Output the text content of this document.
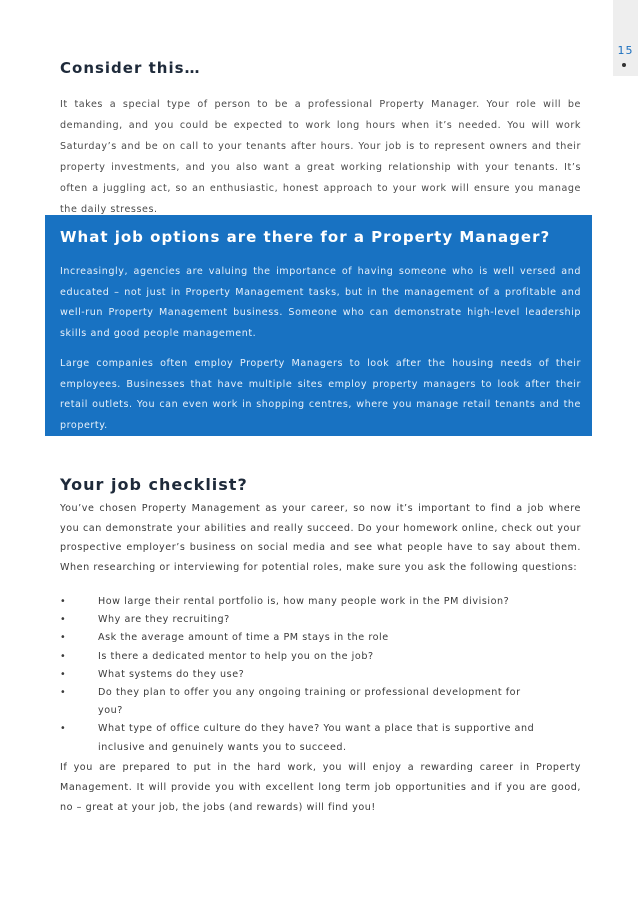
15
Consider this…

It takes a special type of person to be a professional Property Manager. Your role will be demanding, and you could be expected to work long hours when it’s needed. You will work Saturday’s and be on call to your tenants after hours. Your job is to represent owners and their property investments, and you also want a great working relationship with your tenants. It’s often a juggling act, so an enthusiastic, honest approach to your work will ensure you manage the daily stresses.

What job options are there for a Property Manager?

Increasingly, agencies are valuing the importance of having someone who is well versed and educated – not just in Property Management tasks, but in the management of a profitable and well-run Property Management business. Someone who can demonstrate high-level leadership skills and good people management.

Large companies often employ Property Managers to look after the housing needs of their employees. Businesses that have multiple sites employ property managers to look after their retail outlets. You can even work in shopping centres, where you manage retail tenants and the property.

Your job checklist?

You’ve chosen Property Management as your career, so now it’s important to find a job where you can demonstrate your abilities and really succeed. Do your homework online, check out your prospective employer’s business on social media and see what people have to say about them. When researching or interviewing for potential roles, make sure you ask the following questions:

•	How large their rental portfolio is, how many people work in the PM division?
•	Why are they recruiting?
•	Ask the average amount of time a PM stays in the role
•	Is there a dedicated mentor to help you on the job?
•	What systems do they use?
•	Do they plan to offer you any ongoing training or professional development for you?
•	What type of office culture do they have? You want a place that is supportive and inclusive and genuinely wants you to succeed.

If you are prepared to put in the hard work, you will enjoy a rewarding career in Property Management. It will provide you with excellent long term job opportunities and if you are good, no – great at your job, the jobs (and rewards) will find you!
